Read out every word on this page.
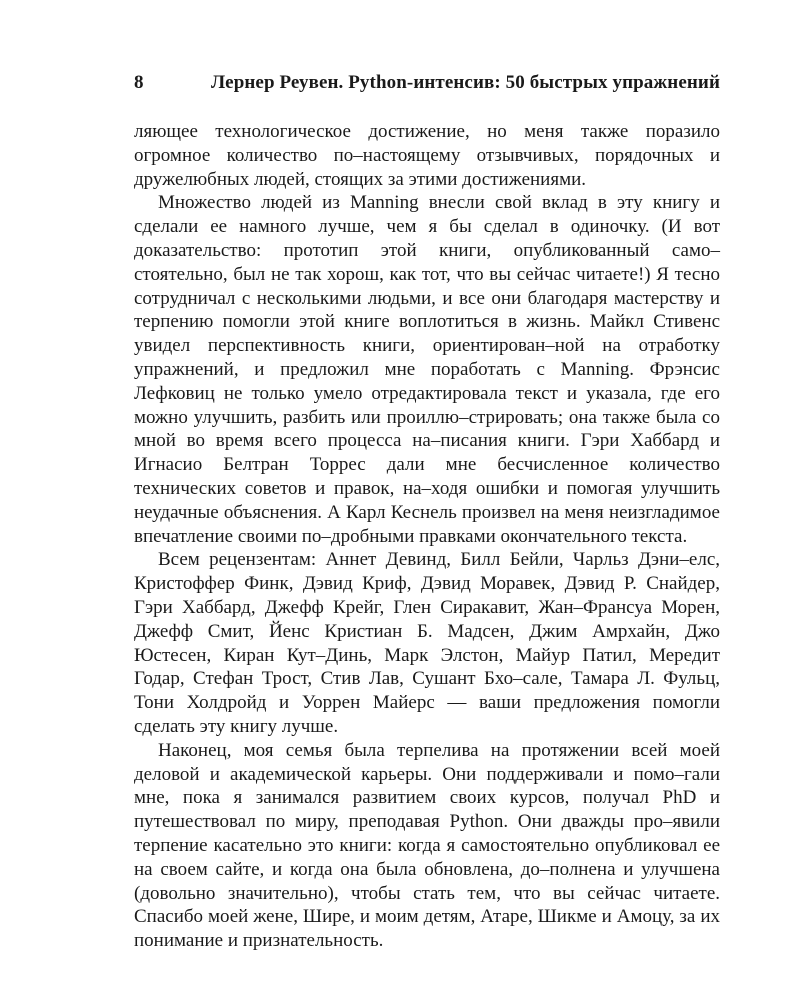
8	Лернер Реувен. Python-интенсив: 50 быстрых упражнений

ляющее технологическое достижение, но меня также поразило огромное количество по–настоящему отзывчивых, порядочных и дружелюбных людей, стоящих за этими достижениями.

Множество людей из Manning внесли свой вклад в эту книгу и сделали ее намного лучше, чем я бы сделал в одиночку. (И вот доказательство: прототип этой книги, опубликованный само–стоятельно, был не так хорош, как тот, что вы сейчас читаете!) Я тесно сотрудничал с несколькими людьми, и все они благодаря мастерству и терпению помогли этой книге воплотиться в жизнь. Майкл Стивенс увидел перспективность книги, ориентирован–ной на отработку упражнений, и предложил мне поработать с Manning. Фрэнсис Лефковиц не только умело отредактировала текст и указала, где его можно улучшить, разбить или проиллю–стрировать; она также была со мной во время всего процесса на–писания книги. Гэри Хаббард и Игнасио Белтран Торрес дали мне бесчисленное количество технических советов и правок, на–ходя ошибки и помогая улучшить неудачные объяснения. А Карл Кеснель произвел на меня неизгладимое впечатление своими по–дробными правками окончательного текста.

Всем рецензентам: Аннет Девинд, Билл Бейли, Чарльз Дэни–елс, Кристоффер Финк, Дэвид Криф, Дэвид Моравек, Дэвид Р. Снайдер, Гэри Хаббард, Джефф Крейг, Глен Сиракавит, Жан–Франсуа Морен, Джефф Смит, Йенс Кристиан Б. Мадсен, Джим Амрхайн, Джо Юстесен, Киран Кут–Динь, Марк Элстон, Майур Патил, Мередит Годар, Стефан Трост, Стив Лав, Сушант Бхо–сале, Тамара Л. Фульц, Тони Холдройд и Уоррен Майерс — ваши предложения помогли сделать эту книгу лучше.

Наконец, моя семья была терпелива на протяжении всей моей деловой и академической карьеры. Они поддерживали и помо–гали мне, пока я занимался развитием своих курсов, получал PhD и путешествовал по миру, преподавая Python. Они дважды про–явили терпение касательно это книги: когда я самостоятельно опубликовал ее на своем сайте, и когда она была обновлена, до–полнена и улучшена (довольно значительно), чтобы стать тем, что вы сейчас читаете. Спасибо моей жене, Шире, и моим детям, Атаре, Шикме и Амоцу, за их понимание и признательность.
